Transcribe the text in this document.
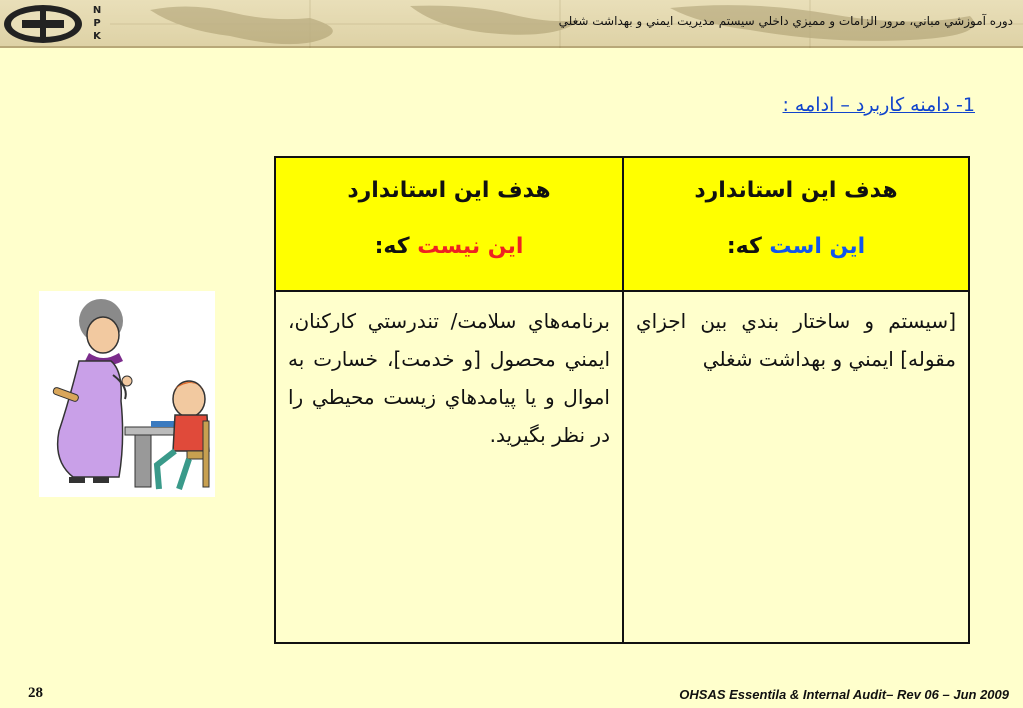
N
P
K
دوره آموزشي مباني، مرور الزامات و مميزي داخلي سيستم مديريت ايمني و بهداشت شغلي
1- دامنه كاربرد – ادامه :
هدف اين استاندارد
اين است كه:
[سيستم و ساختار بندي بين اجزاي مقوله] ايمني و بهداشت شغلي
هدف اين استاندارد
اين نيست كه:
برنامه‌هاي سلامت/ تندرستي كاركنان، ايمني محصول [و خدمت]، خسارت به اموال و يا پيامدهاي زيست محيطي را در نظر بگيريد.
28	OHSAS Essentila & Internal Audit– Rev 06 – Jun 2009
